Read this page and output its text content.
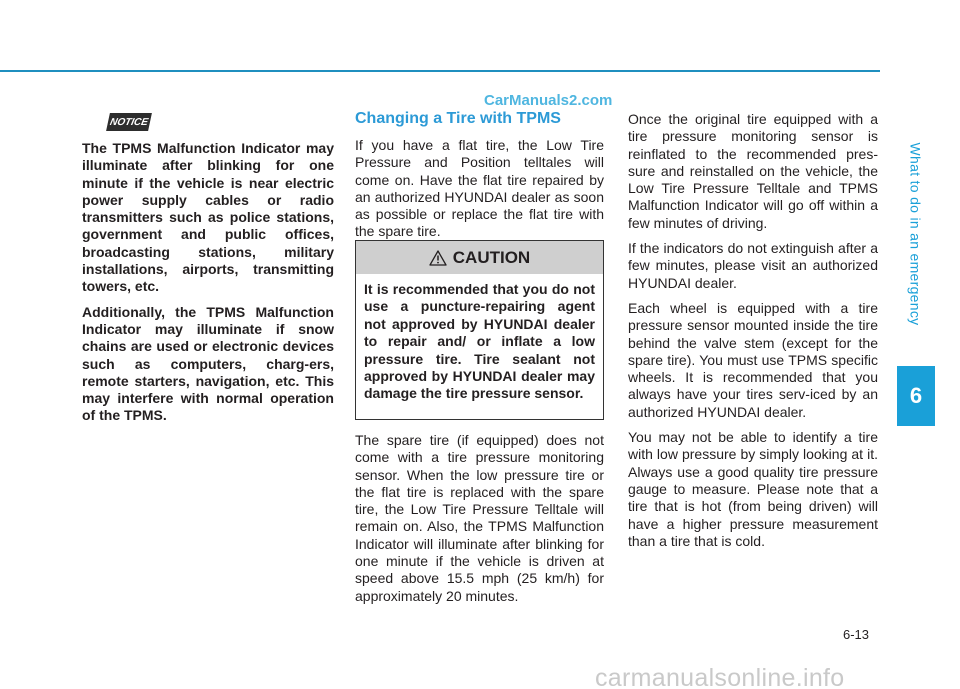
What to do in an emergency
6
CarManuals2.com
NOTICE

The TPMS Malfunction Indicator may illuminate after blinking for one minute if the vehicle is near electric power supply cables or radio transmitters such as police stations, government and public offices, broadcasting stations, military installations, airports, transmitting towers, etc.

Additionally, the TPMS Malfunction Indicator may illuminate if snow chains are used or electronic devices such as computers, charg-ers, remote starters, navigation, etc. This may interfere with normal operation of the TPMS.

Changing a Tire with TPMS

If you have a flat tire, the Low Tire Pressure and Position telltales will come on. Have the flat tire repaired by an authorized HYUNDAI dealer as soon as possible or replace the flat tire with the spare tire.

CAUTION
It is recommended that you do not use a puncture-repairing agent not approved by HYUNDAI dealer to repair and/ or inflate a low pressure tire. Tire sealant not approved by HYUNDAI dealer may damage the tire pressure sensor.

The spare tire (if equipped) does not come with a tire pressure monitoring sensor. When the low pressure tire or the flat tire is replaced with the spare tire, the Low Tire Pressure Telltale will remain on. Also, the TPMS Malfunction Indicator will illuminate after blinking for one minute if the vehicle is driven at speed above 15.5 mph (25 km/h) for approximately 20 minutes.

Once the original tire equipped with a tire pressure monitoring sensor is reinflated to the recommended pres-sure and reinstalled on the vehicle, the Low Tire Pressure Telltale and TPMS Malfunction Indicator will go off within a few minutes of driving.

If the indicators do not extinguish after a few minutes, please visit an authorized HYUNDAI dealer.

Each wheel is equipped with a tire pressure sensor mounted inside the tire behind the valve stem (except for the spare tire). You must use TPMS specific wheels. It is recommended that you always have your tires serv-iced by an authorized HYUNDAI dealer.

You may not be able to identify a tire with low pressure by simply looking at it. Always use a good quality tire pressure gauge to measure. Please note that a tire that is hot (from being driven) will have a higher pressure measurement than a tire that is cold.

6-13
carmanualsonline.info
